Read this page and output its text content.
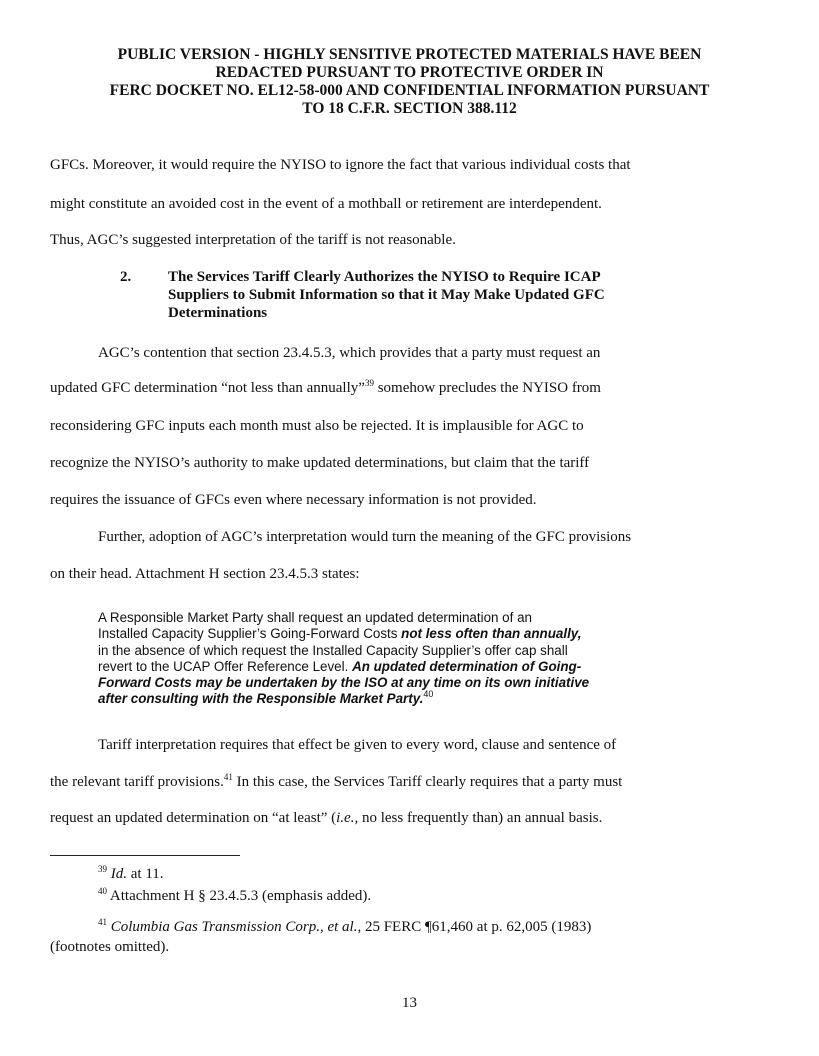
PUBLIC VERSION - HIGHLY SENSITIVE PROTECTED MATERIALS HAVE BEEN
REDACTED PURSUANT TO PROTECTIVE ORDER IN
FERC DOCKET NO. EL12-58-000 AND CONFIDENTIAL INFORMATION PURSUANT
TO 18 C.F.R. SECTION 388.112
GFCs. Moreover, it would require the NYISO to ignore the fact that various individual costs that
might constitute an avoided cost in the event of a mothball or retirement are interdependent.
Thus, AGC’s suggested interpretation of the tariff is not reasonable.
2. The Services Tariff Clearly Authorizes the NYISO to Require ICAP
Suppliers to Submit Information so that it May Make Updated GFC
Determinations
AGC’s contention that section 23.4.5.3, which provides that a party must request an
updated GFC determination “not less than annually”$^{39}$ somehow precludes the NYISO from
reconsidering GFC inputs each month must also be rejected. It is implausible for AGC to
recognize the NYISO’s authority to make updated determinations, but claim that the tariff
requires the issuance of GFCs even where necessary information is not provided.
Further, adoption of AGC’s interpretation would turn the meaning of the GFC provisions
on their head. Attachment H section 23.4.5.3 states:
A Responsible Market Party shall request an updated determination of an
Installed Capacity Supplier’s Going-Forward Costs not less often than annually,
in the absence of which request the Installed Capacity Supplier’s offer cap shall
revert to the UCAP Offer Reference Level. An updated determination of Going-
Forward Costs may be undertaken by the ISO at any time on its own initiative
after consulting with the Responsible Market Party.$^{40}$
Tariff interpretation requires that effect be given to every word, clause and sentence of
the relevant tariff provisions.$^{41}$ In this case, the Services Tariff clearly requires that a party must
request an updated determination on “at least” (i.e., no less frequently than) an annual basis.
$^{39}$ Id. at 11.
$^{40}$ Attachment H § 23.4.5.3 (emphasis added).
$^{41}$ Columbia Gas Transmission Corp., et al., 25 FERC ¶61,460 at p. 62,005 (1983)
(footnotes omitted).
13
